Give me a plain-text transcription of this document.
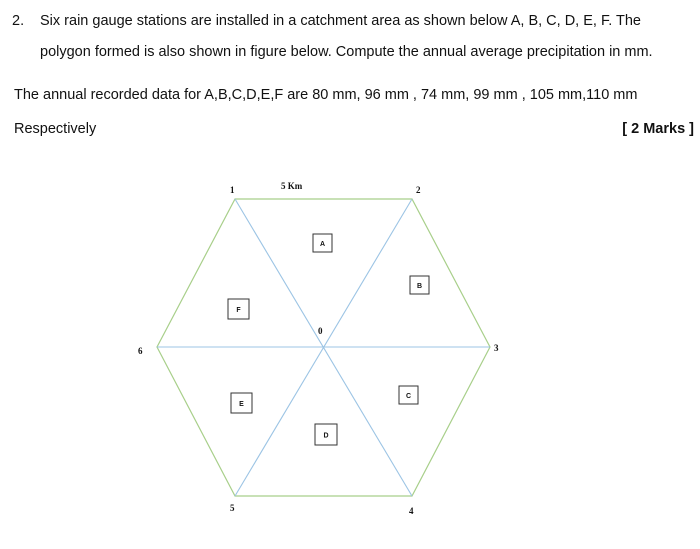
2. Six rain gauge stations are installed in a catchment area as shown below A, B, C, D, E, F. The
polygon formed is also shown in figure below. Compute the annual average precipitation in mm.
The annual recorded data for A,B,C,D,E,F are 80 mm, 96 mm , 74 mm, 99 mm , 105 mm,110 mm
Respectively	[ 2 Marks ]
1	2
3
4
5
6
0
5 Km
A
B
C
D
E
F
